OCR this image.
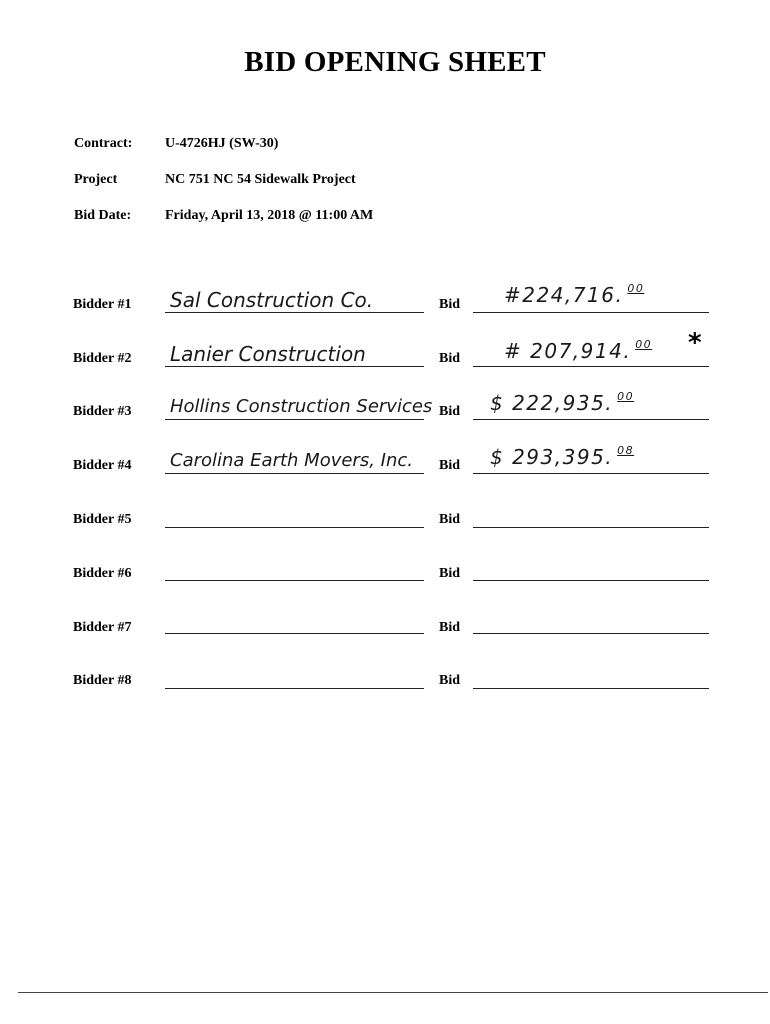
BID OPENING SHEET
Contract: U-4726HJ (SW-30)
Project	NC 751 NC 54 Sidewalk Project
Bid Date: Friday, April 13, 2018 @ 11:00 AM
Bidder #1 Sal Construction Co.	Bid #224,716. $^{00}$
Bidder #2 Lanier Construction	Bid # 207,914. $^{00}$ *
Bidder #3 Hollins Construction Services Bid $ 222,935. $^{00}$
Bidder #4 Carolina Earth Movers, Inc. Bid $ 293,395. $^{08}$
Bidder #5	Bid
Bidder #6	Bid
Bidder #7	Bid
Bidder #8	Bid
